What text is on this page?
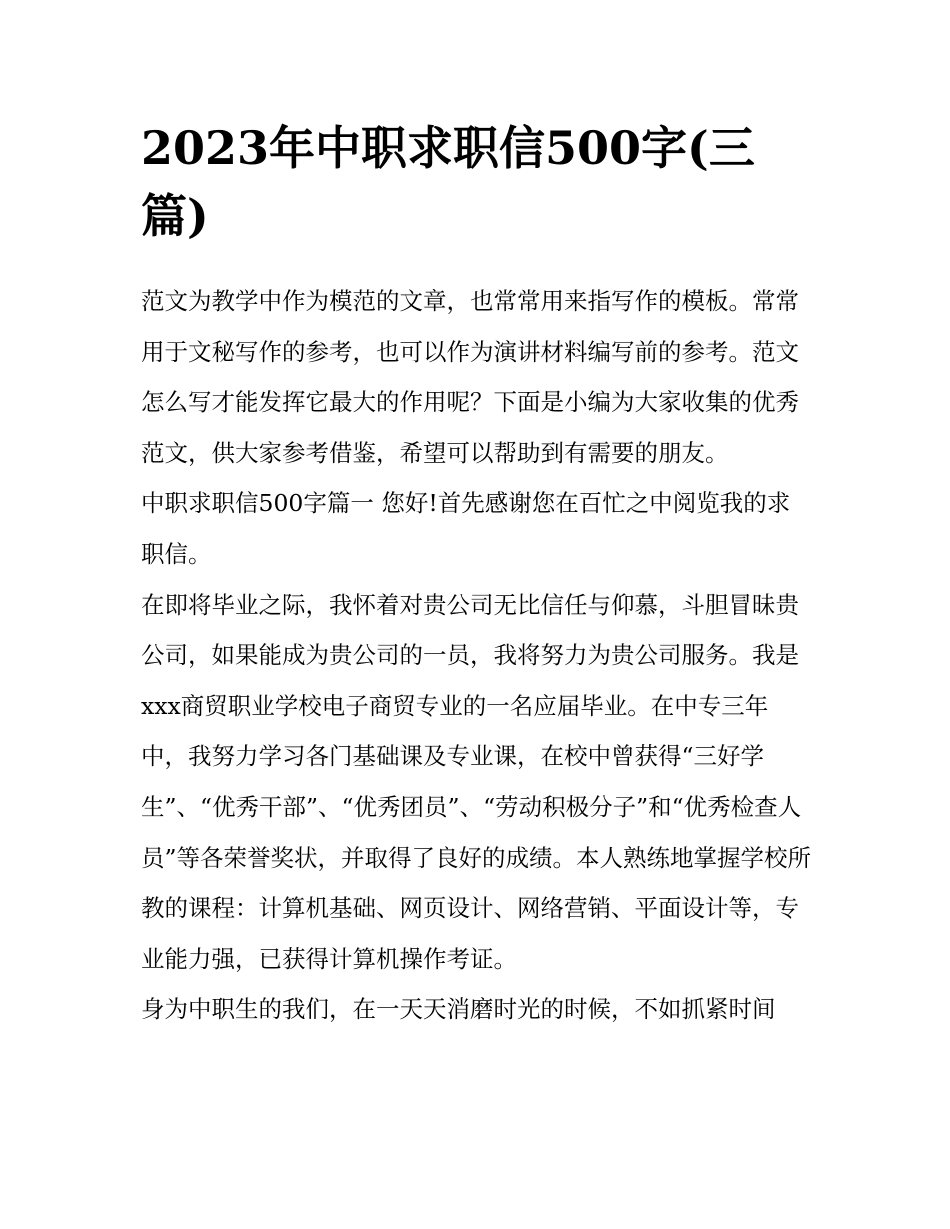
2023年中职求职信500字(三篇)

范文为教学中作为模范的文章，也常常用来指写作的模板。常常用于文秘写作的参考，也可以作为演讲材料编写前的参考。范文怎么写才能发挥它最大的作用呢？下面是小编为大家收集的优秀范文，供大家参考借鉴，希望可以帮助到有需要的朋友。

中职求职信500字篇一 您好!首先感谢您在百忙之中阅览我的求职信。

在即将毕业之际，我怀着对贵公司无比信任与仰慕，斗胆冒昧贵公司，如果能成为贵公司的一员，我将努力为贵公司服务。我是xxx商贸职业学校电子商贸专业的一名应届毕业。在中专三年中，我努力学习各门基础课及专业课，在校中曾获得“三好学生”、“优秀干部”、“优秀团员”、“劳动积极分子”和“优秀检查人员”等各荣誉奖状，并取得了良好的成绩。本人熟练地掌握学校所教的课程：计算机基础、网页设计、网络营销、平面设计等，专业能力强，已获得计算机操作考证。

身为中职生的我们，在一天天消磨时光的时候，不如抓紧时间
